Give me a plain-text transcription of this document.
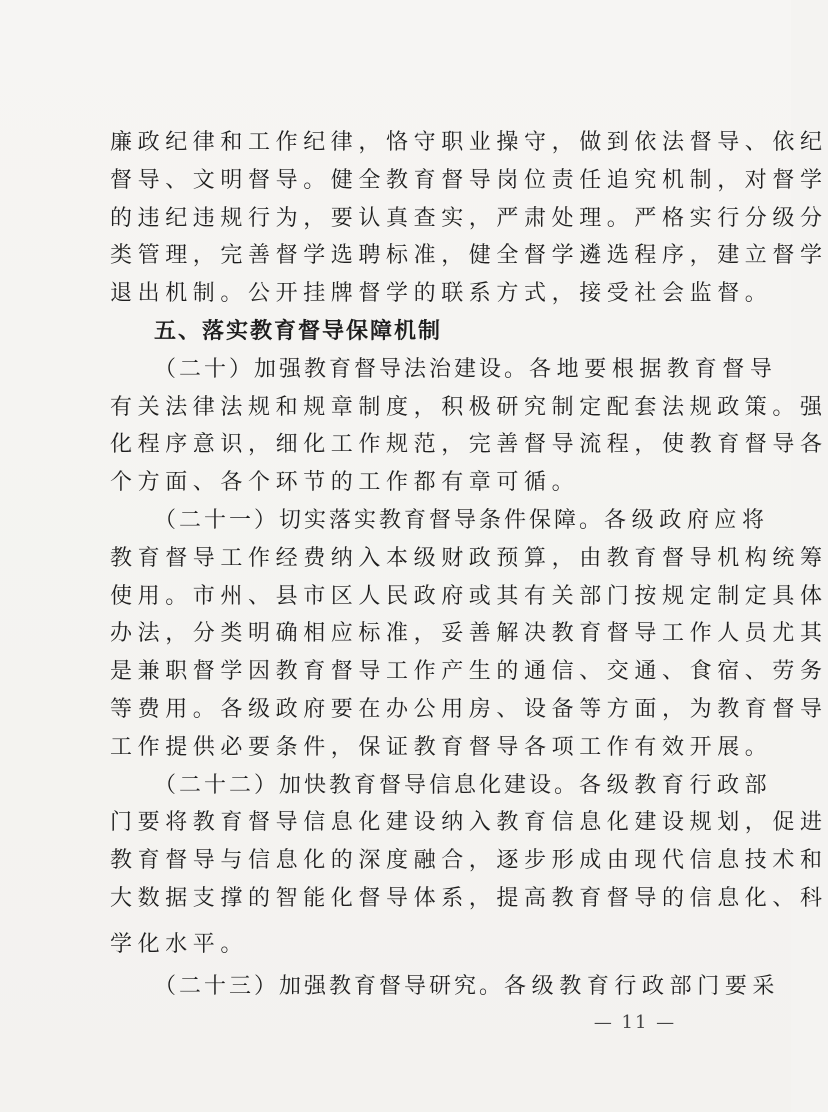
廉政纪律和工作纪律，恪守职业操守，做到依法督导、依纪
督导、文明督导。健全教育督导岗位责任追究机制，对督学
的违纪违规行为，要认真查实，严肃处理。严格实行分级分
类管理，完善督学选聘标准，健全督学遴选程序，建立督学
退出机制。公开挂牌督学的联系方式，接受社会监督。
五、落实教育督导保障机制
（二十）加强教育督导法治建设。各地要根据教育督导
有关法律法规和规章制度，积极研究制定配套法规政策。强
化程序意识，细化工作规范，完善督导流程，使教育督导各
个方面、各个环节的工作都有章可循。
（二十一）切实落实教育督导条件保障。各级政府应将
教育督导工作经费纳入本级财政预算，由教育督导机构统筹
使用。市州、县市区人民政府或其有关部门按规定制定具体
办法，分类明确相应标准，妥善解决教育督导工作人员尤其
是兼职督学因教育督导工作产生的通信、交通、食宿、劳务
等费用。各级政府要在办公用房、设备等方面，为教育督导
工作提供必要条件，保证教育督导各项工作有效开展。
（二十二）加快教育督导信息化建设。各级教育行政部
门要将教育督导信息化建设纳入教育信息化建设规划，促进
教育督导与信息化的深度融合，逐步形成由现代信息技术和
大数据支撑的智能化督导体系，提高教育督导的信息化、科
— 11 —
学化水平。
（二十三）加强教育督导研究。各级教育行政部门要采
